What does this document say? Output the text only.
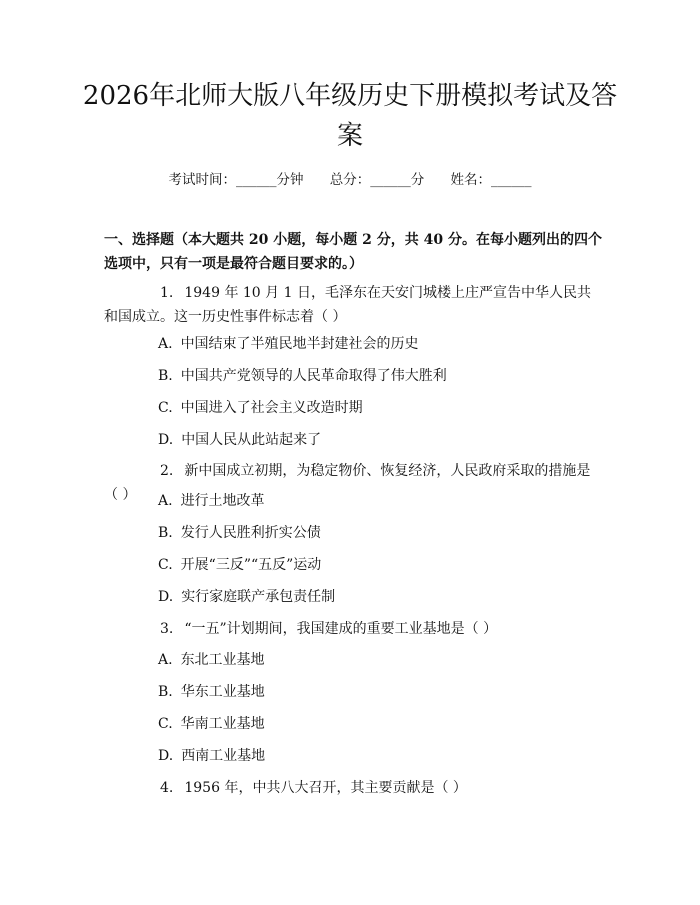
2026年北师大版八年级历史下册模拟考试及答案
考试时间：______分钟 总分：______分 姓名：______

一、选择题（本大题共 20 小题，每小题 2 分，共 40 分。在每小题列出的四个选项中，只有一项是最符合题目要求的。）

1. 1949 年 10 月 1 日，毛泽东在天安门城楼上庄严宣告中华人民共和国成立。这一历史性事件标志着（ ）

A. 中国结束了半殖民地半封建社会的历史
B. 中国共产党领导的人民革命取得了伟大胜利
C. 中国进入了社会主义改造时期
D. 中国人民从此站起来了

2. 新中国成立初期，为稳定物价、恢复经济，人民政府采取的措施是（ ）	A. 进行土地改革
B. 发行人民胜利折实公债
C. 开展“三反”“五反”运动
D. 实行家庭联产承包责任制

3. “一五”计划期间，我国建成的重要工业基地是（ ）

A. 东北工业基地
B. 华东工业基地
C. 华南工业基地
D. 西南工业基地

4. 1956 年，中共八大召开，其主要贡献是（ ）
